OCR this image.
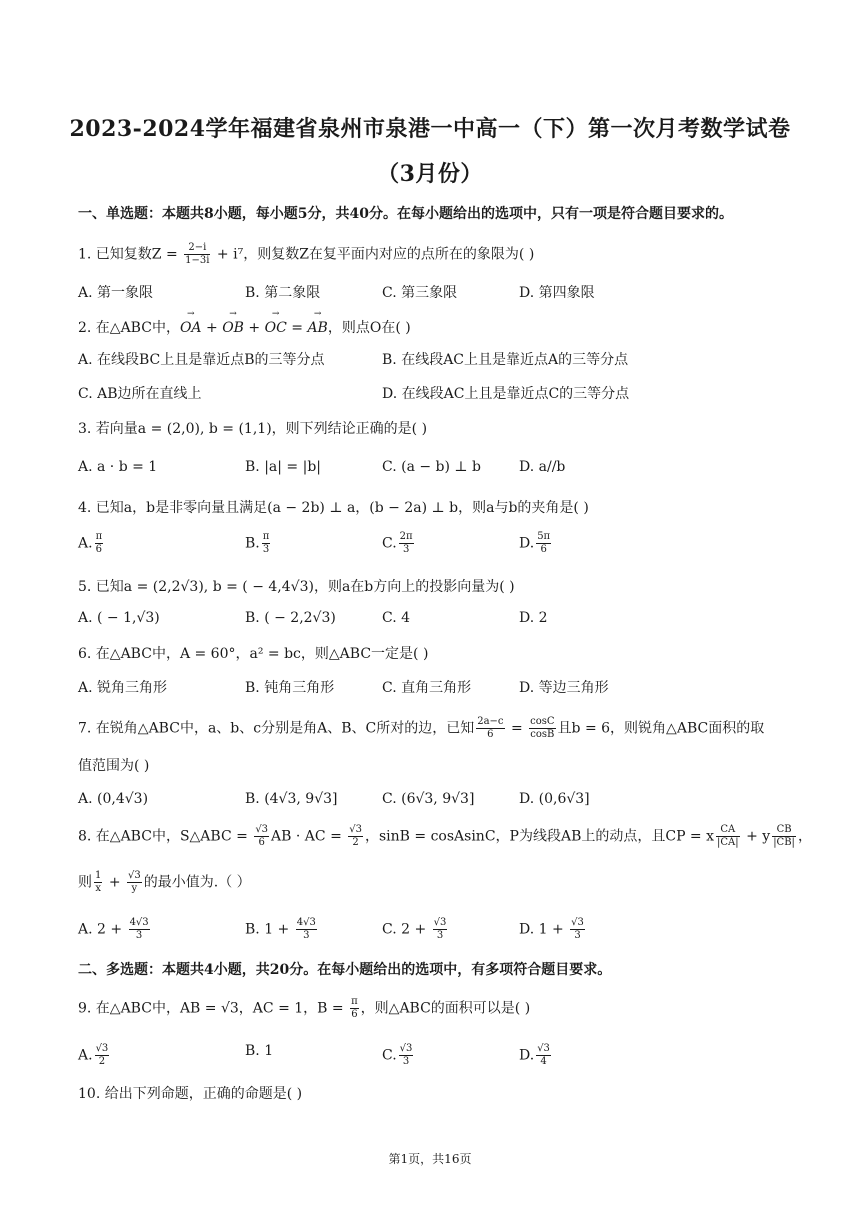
2023-2024学年福建省泉州市泉港一中高一（下）第一次月考数学试卷
（3月份）
一、单选题：本题共8小题，每小题5分，共40分。在每小题给出的选项中，只有一项是符合题目要求的。
1. 已知复数$Z = \frac{2-i}{1-3i} + i^7$，则复数Z在复平面内对应的点所在的象限为( )
A. 第一象限	B. 第二象限	C. 第三象限	D. 第四象限
2. 在△ABC中，→ OA + → OB + → OC = → AB，则点O在( )
A. 在线段BC上且是靠近点B的三等分点	B. 在线段AC上且是靠近点A的三等分点
C. AB边所在直线上	D. 在线段AC上且是靠近点C的三等分点
3. 若向量a = (2,0), b = (1,1)，则下列结论正确的是( )
A. a · b = 1	B. |a| = |b|	C. (a − b) ⊥ b	D. a//b
4. 已知a，b是非零向量且满足(a − 2b) ⊥ a，(b − 2a) ⊥ b，则a与b的夹角是( )
A. $\frac{\pi}{6}$	B. $\frac{\pi}{3}$	C. $\frac{2\pi}{3}$	D. $\frac{5\pi}{6}$
5. 已知a = (2,2√3), b = ( − 4,4√3)，则a在b方向上的投影向量为( )
A. ( − 1,√3)	B. ( − 2,2√3)	C. 4	D. 2
6. 在△ABC中，A = 60°，a² = bc，则△ABC一定是( )
A. 锐角三角形	B. 钝角三角形	C. 直角三角形	D. 等边三角形
7. 在锐角△ABC中，a、b、c分别是角A、B、C所对的边，已知 $\frac{2a-c}{6} = \frac{\cos C}{\cos B}$ 且b = 6，则锐角△ABC面积的取
值范围为( )
A. (0,4√3)	B. (4√3, 9√3]	C. (6√3, 9√3]	D. (0,6√3]
8. 在△ABC中，S△ABC = $\frac{√3}{6}$ AB · AC = $\frac{√3}{2}$ ，sinB = cosAsinC，P为线段AB上的动点，且CP = x $\frac{CA}{|CA|} + y \frac{CB}{|CB|}$ ，
则 $\frac{1}{x} + \frac{√3}{y}$ 的最小值为.（ ）
A. $2 + \frac{4√3}{3}$	B. $1 + \frac{4√3}{3}$	C. $2 + \frac{√3}{3}$	D. $1 + \frac{√3}{3}$
二、多选题：本题共4小题，共20分。在每小题给出的选项中，有多项符合题目要求。
9. 在△ABC中，AB = √3，AC = 1，$B = \frac{\pi}{6}$ ，则△ABC的面积可以是( )
A. $\frac{√3}{2}$	B. 1	C. $\frac{√3}{3}$	D. $\frac{√3}{4}$
10. 给出下列命题，正确的命题是( )
第1页，共16页
